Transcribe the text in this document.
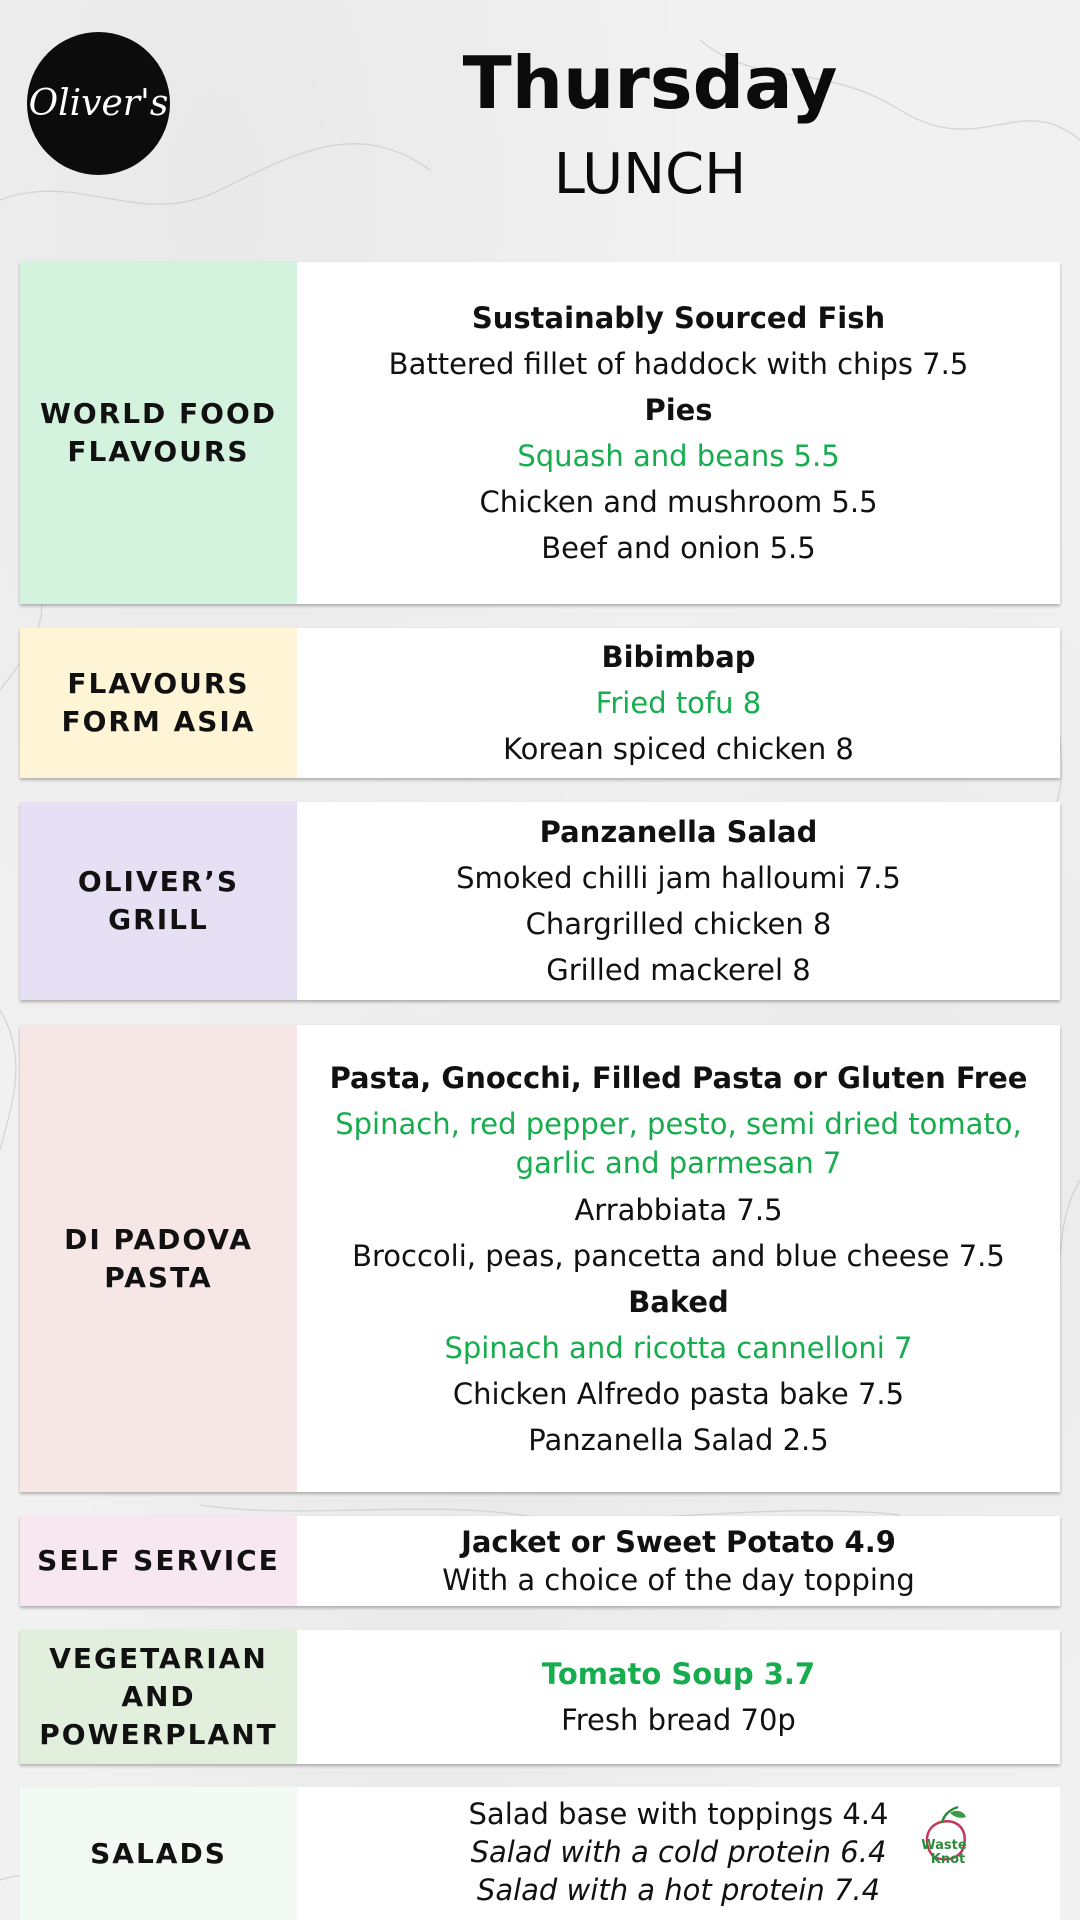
Oliver's	Thursday
LUNCH
WORLD FOOD FLAVOURS
Sustainably Sourced Fish
Battered fillet of haddock with chips 7.5
Pies
Squash and beans 5.5
Chicken and mushroom 5.5
Beef and onion 5.5
FLAVOURS FORM ASIA
Bibimbap
Fried tofu 8
Korean spiced chicken 8
OLIVER’S GRILL
Panzanella Salad
Smoked chilli jam halloumi 7.5
Chargrilled chicken 8
Grilled mackerel 8
DI PADOVA PASTA
Pasta, Gnocchi, Filled Pasta or Gluten Free
Spinach, red pepper, pesto, semi dried tomato, garlic and parmesan 7
Arrabbiata 7.5
Broccoli, peas, pancetta and blue cheese 7.5
Baked
Spinach and ricotta cannelloni 7
Chicken Alfredo pasta bake 7.5
Panzanella Salad 2.5
SELF SERVICE
Jacket or Sweet Potato 4.9
With a choice of the day topping
VEGETARIAN AND POWERPLANT
Tomato Soup 3.7
Fresh bread 70p
SALADS
Salad base with toppings 4.4
Salad with a cold protein 6.4
Salad with a hot protein 7.4
Waste
Knot
